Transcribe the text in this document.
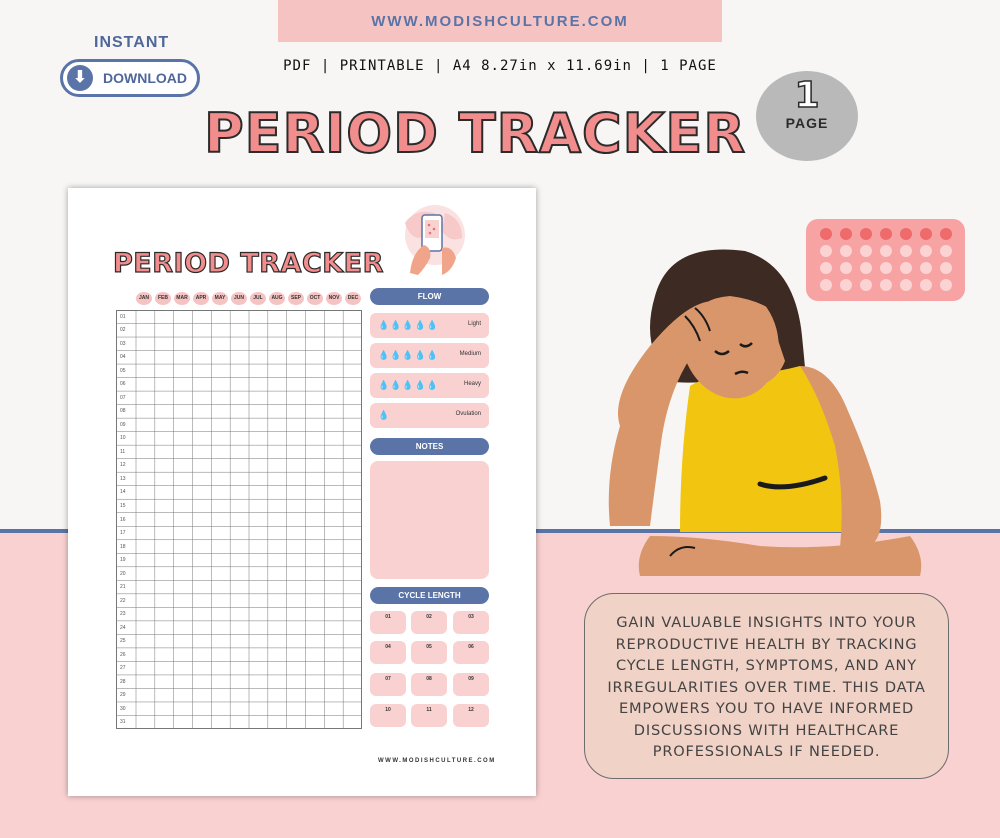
WWW.MODISHCULTURE.COM
INSTANT
⬇	DOWNLOAD
PDF | PRINTABLE | A4 8.27in x 11.69in | 1 PAGE
PERIOD TRACKER
1
PAGE
PERIOD TRACKER
JAN	FEB	MAR	APR	MAY	JUN	JUL	AUG	SEP	OCT	NOV	DEC
01
02
03
04
05
06
07
08
09
10
11
12
13
14
15
16
17
18
19
20
21
22
23
24
25
26
27
28
29
30
31
FLOW
💧💧💧💧💧	Light
💧💧💧💧💧	Medium
💧💧💧💧💧	Heavy
💧	Ovulation
NOTES
CYCLE LENGTH
01	02	03
04	05	06
07	08	09
10	11	12
WWW.MODISHCULTURE.COM
GAIN VALUABLE INSIGHTS INTO YOUR REPRODUCTIVE HEALTH BY TRACKING CYCLE LENGTH, SYMPTOMS, AND ANY IRREGULARITIES OVER TIME. THIS DATA EMPOWERS YOU TO HAVE INFORMED DISCUSSIONS WITH HEALTHCARE PROFESSIONALS IF NEEDED.
